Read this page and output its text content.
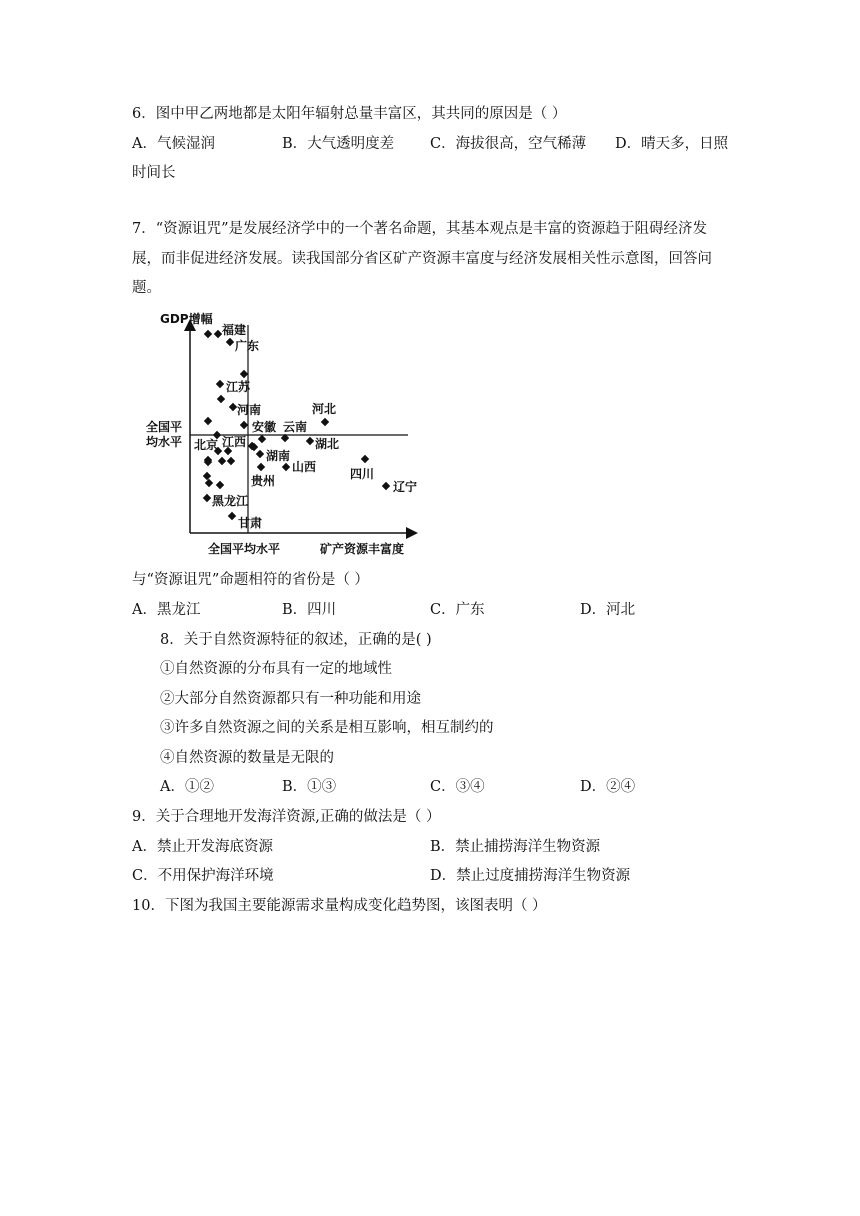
6．图中甲乙两地都是太阳年辐射总量丰富区，其共同的原因是（ ）
A．气候湿润	B．大气透明度差 C．海拔很高，空气稀薄 D．晴天多，日照
时间长
7．“资源诅咒”是发展经济学中的一个著名命题，其基本观点是丰富的资源趋于阻碍经济发
展，而非促进经济发展。读我国部分省区矿产资源丰富度与经济发展相关性示意图，回答问
题。
GDP增幅
矿产资源丰富度
全国平均水平
全国平
均水平
福建
广东
江苏
河南	河北
安徽 云南
北京 江西	湖北
湖南
山西	四川
贵州	辽宁
黑龙江
甘肃
与“资源诅咒”命题相符的省份是（ ）
A．黑龙江	B．四川	C．广东	D．河北
8．关于自然资源特征的叙述，正确的是( )
①自然资源的分布具有一定的地域性
②大部分自然资源都只有一种功能和用途
③许多自然资源之间的关系是相互影响，相互制约的
④自然资源的数量是无限的
A．①②	B．①③	C．③④	D．②④
9．关于合理地开发海洋资源,正确的做法是（ ）
A．禁止开发海底资源	B．禁止捕捞海洋生物资源
C．不用保护海洋环境	D．禁止过度捕捞海洋生物资源
10．下图为我国主要能源需求量构成变化趋势图，该图表明（ ）
